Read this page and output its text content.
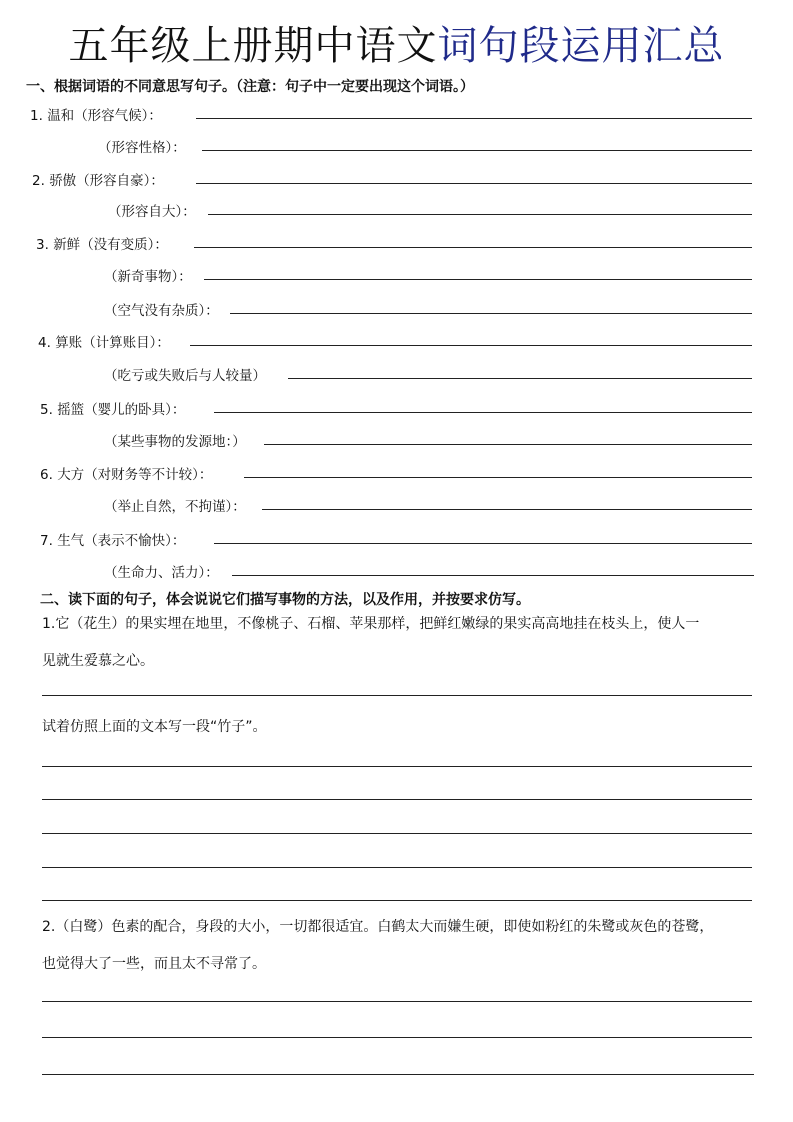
五年级上册期中语文词句段运用汇总
一、根据词语的不同意思写句子。（注意：句子中一定要出现这个词语。）
1. 温和（形容气候）：
（形容性格）：
2. 骄傲（形容自豪）：
（形容自大）：
3. 新鲜（没有变质）：
（新奇事物）：
（空气没有杂质）：
4. 算账（计算账目）：
（吃亏或失败后与人较量）
5. 摇篮（婴儿的卧具）：
（某些事物的发源地：）
6. 大方（对财务等不计较）：
（举止自然，不拘谨）：
7. 生气（表示不愉快）：
（生命力、活力）：
二、读下面的句子，体会说说它们描写事物的方法，以及作用，并按要求仿写。
1.它（花生）的果实埋在地里，不像桃子、石榴、苹果那样，把鲜红嫩绿的果实高高地挂在枝头上，使人一
见就生爱慕之心。
试着仿照上面的文本写一段“竹子”。
2.（白鹭）色素的配合，身段的大小，一切都很适宜。白鹤太大而嫌生硬，即使如粉红的朱鹭或灰色的苍鹭，
也觉得大了一些，而且太不寻常了。
